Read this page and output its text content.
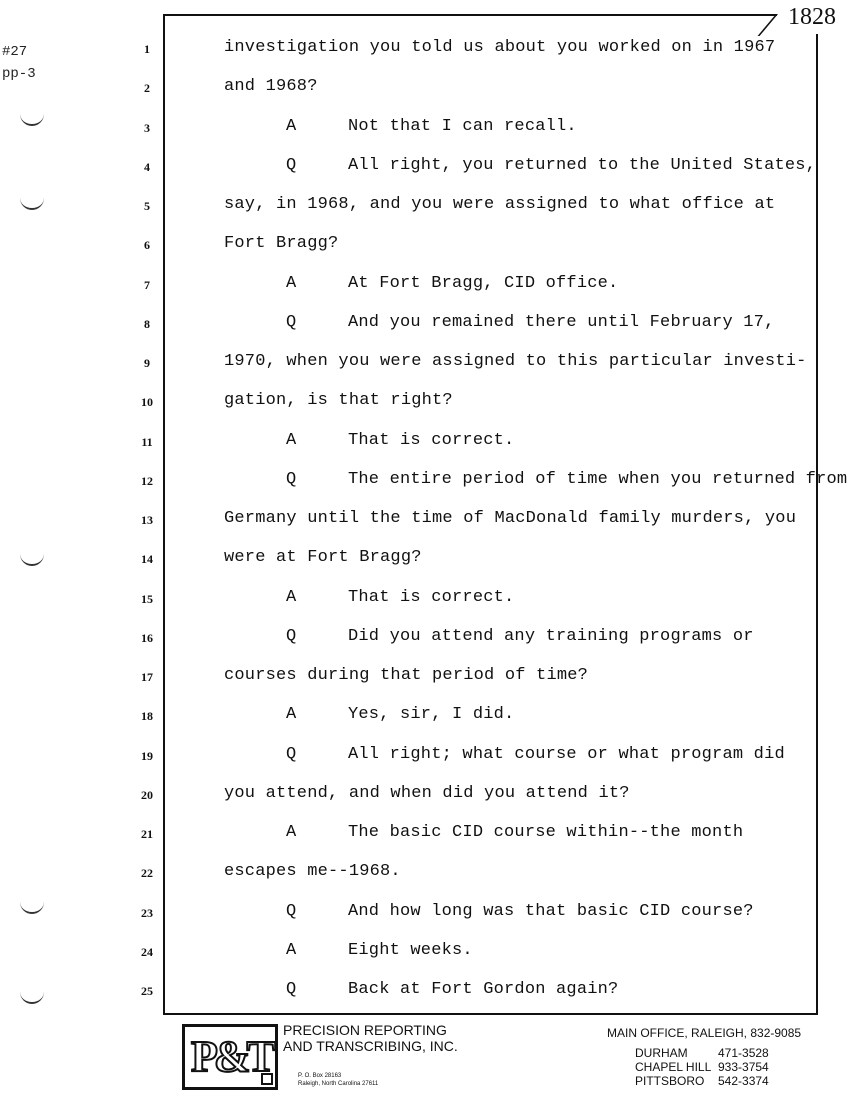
#27
pp-3
1828
1	investigation you told us about you worked on in 1967
2	and 1968?
3	A	Not that I can recall.
4	Q	All right, you returned to the United States,
5	say, in 1968, and you were assigned to what office at
6	Fort Bragg?
7	A	At Fort Bragg, CID office.
8	Q	And you remained there until February 17,
9	1970, when you were assigned to this particular investi-
10	gation, is that right?
11	A	That is correct.
12	Q	The entire period of time when you returned from
13	Germany until the time of MacDonald family murders, you
14	were at Fort Bragg?
15	A	That is correct.
16	Q	Did you attend any training programs or
17	courses during that period of time?
18	A	Yes, sir, I did.
19	Q	All right; what course or what program did
20	you attend, and when did you attend it?
21	A	The basic CID course within--the month
22	escapes me--1968.
23	Q	And how long was that basic CID course?
24	A	Eight weeks.
25	Q	Back at Fort Gordon again?
P&T
PRECISION REPORTING
AND TRANSCRIBING, INC.
P. O. Box 28163
Raleigh, North Carolina 27611
MAIN OFFICE, RALEIGH, 832-9085
DURHAM	471-3528
CHAPEL HILL 933-3754
PITTSBORO 542-3374
